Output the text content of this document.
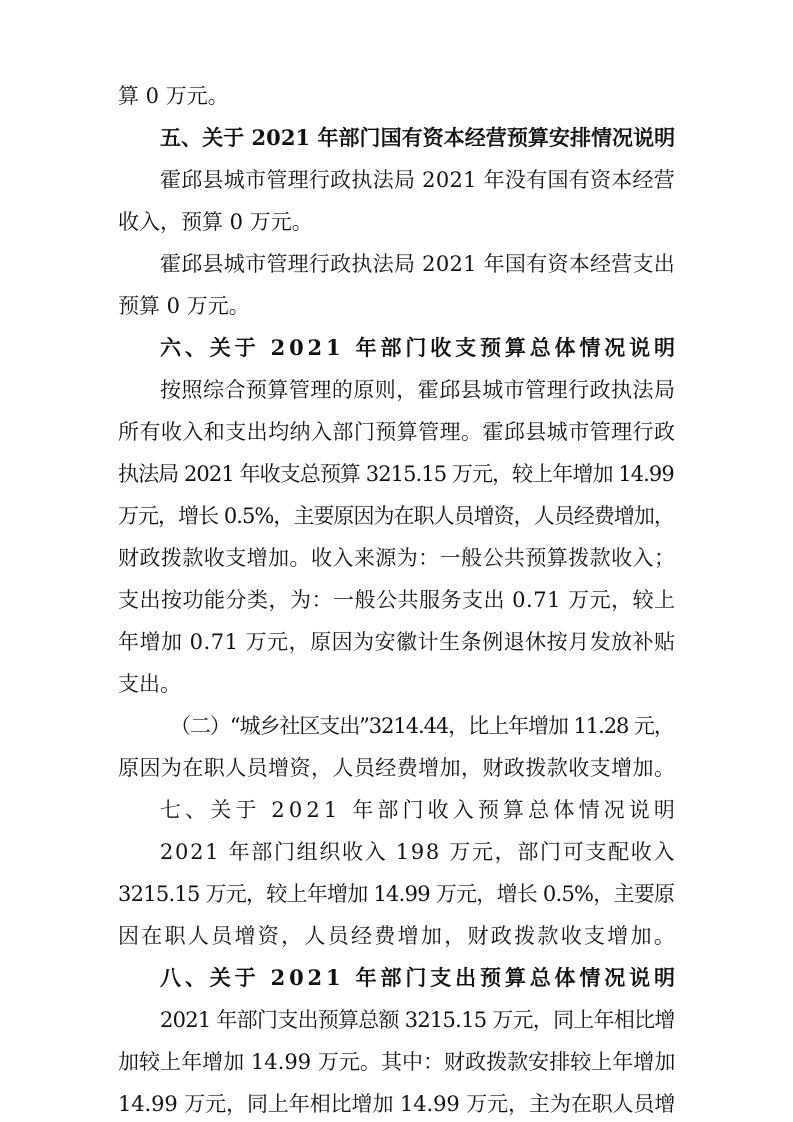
算 0 万元。
五、关于 2021 年部门国有资本经营预算安排情况说明
霍邱县城市管理行政执法局 2021 年没有国有资本经营
收入，预算 0 万元。
霍邱县城市管理行政执法局 2021 年国有资本经营支出
预算 0 万元。
六、关于 2021 年部门收支预算总体情况说明
按照综合预算管理的原则，霍邱县城市管理行政执法局
所有收入和支出均纳入部门预算管理。霍邱县城市管理行政
执法局 2021 年收支总预算 3215.15 万元，较上年增加 14.99
万元，增长 0.5%，主要原因为在职人员增资，人员经费增加，
财政拨款收支增加。收入来源为：一般公共预算拨款收入；
支出按功能分类，为：一般公共服务支出 0.71 万元，较上
年增加 0.71 万元，原因为安徽计生条例退休按月发放补贴
支出。
（二）“城乡社区支出”3214.44，比上年增加 11.28 元，
原因为在职人员增资，人员经费增加，财政拨款收支增加。
七、关于 2021 年部门收入预算总体情况说明
2021 年部门组织收入 198 万元，部门可支配收入
3215.15 万元，较上年增加 14.99 万元，增长 0.5%，主要原
因在职人员增资，人员经费增加，财政拨款收支增加。
八、关于 2021 年部门支出预算总体情况说明
2021 年部门支出预算总额 3215.15 万元，同上年相比增
加较上年增加 14.99 万元。其中：财政拨款安排较上年增加
14.99 万元，同上年相比增加 14.99 万元，主为在职人员增
